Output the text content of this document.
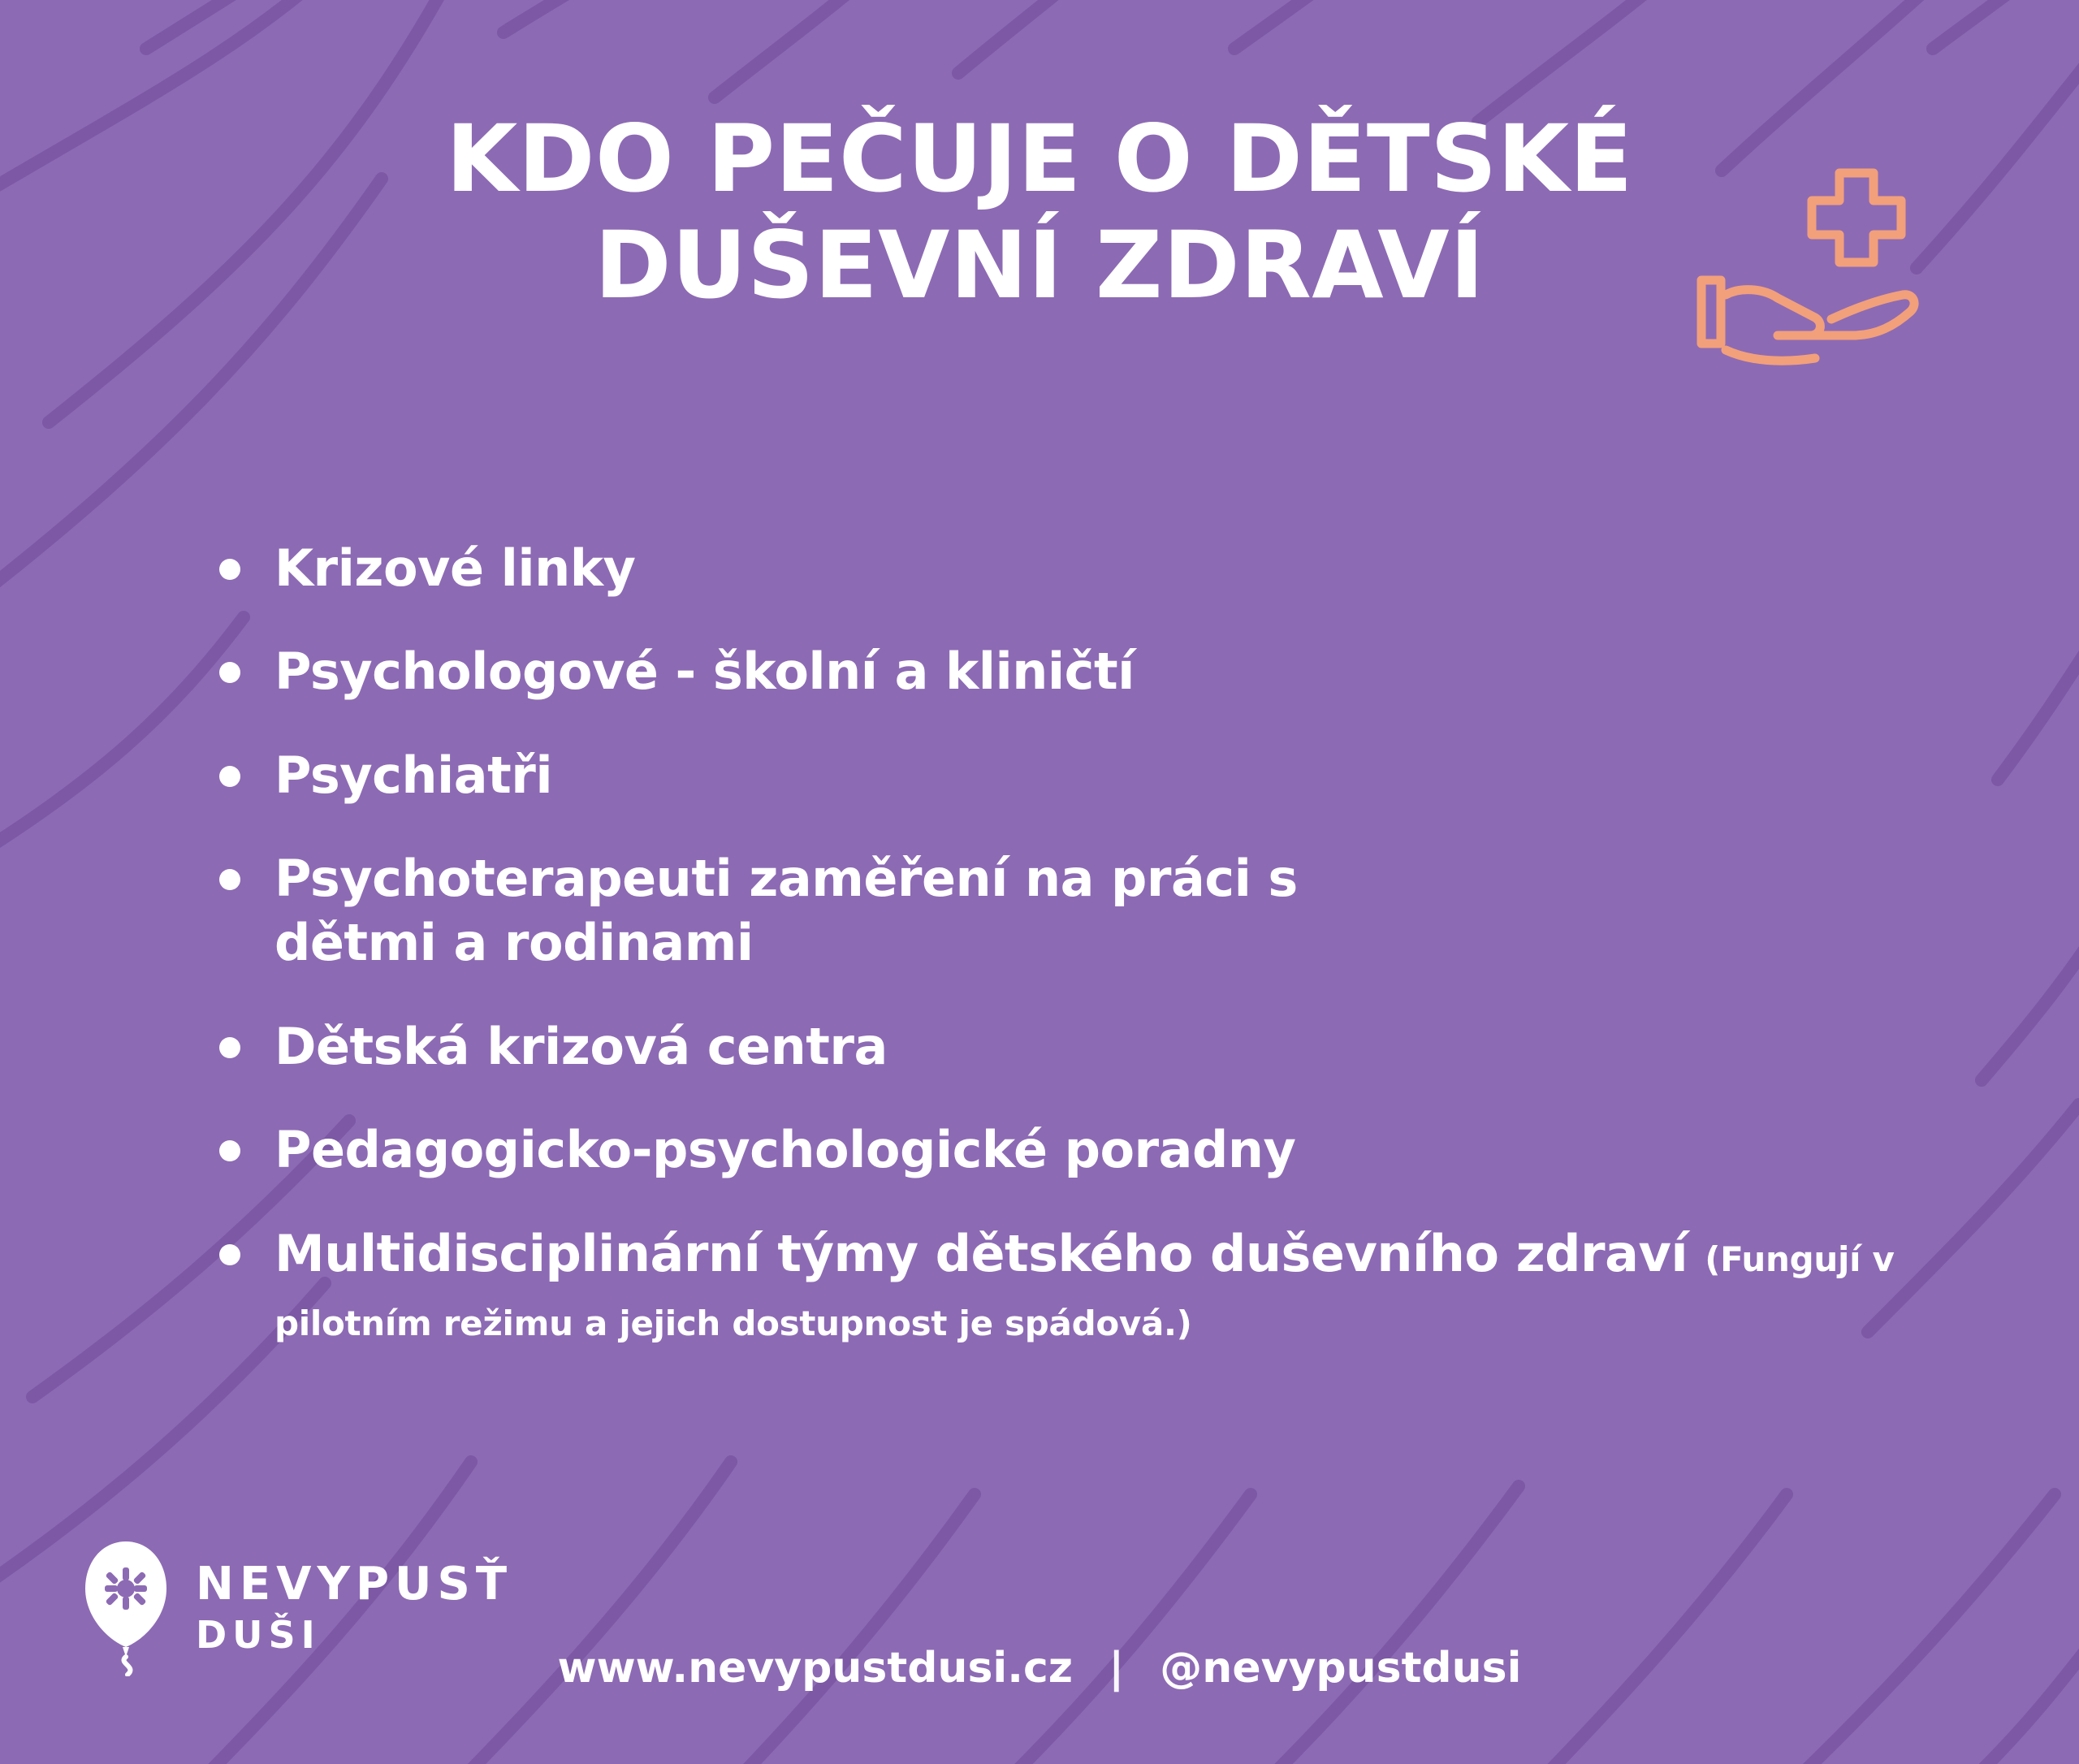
KDO PEČUJE O DĚTSKÉ
DUŠEVNÍ ZDRAVÍ
Krizové linky
Psychologové - školní a kliničtí
Psychiatři
Psychoterapeuti zaměření na práci s dětmi a rodinami
Dětská krizová centra
Pedagogicko-psychologické poradny
Multidisciplinární týmy dětského duševního zdraví (Fungují v pilotním režimu a jejich dostupnost je spádová.)
NEVYPUSŤ
DUŠI
www.nevypustdusi.cz | @nevypustdusi
